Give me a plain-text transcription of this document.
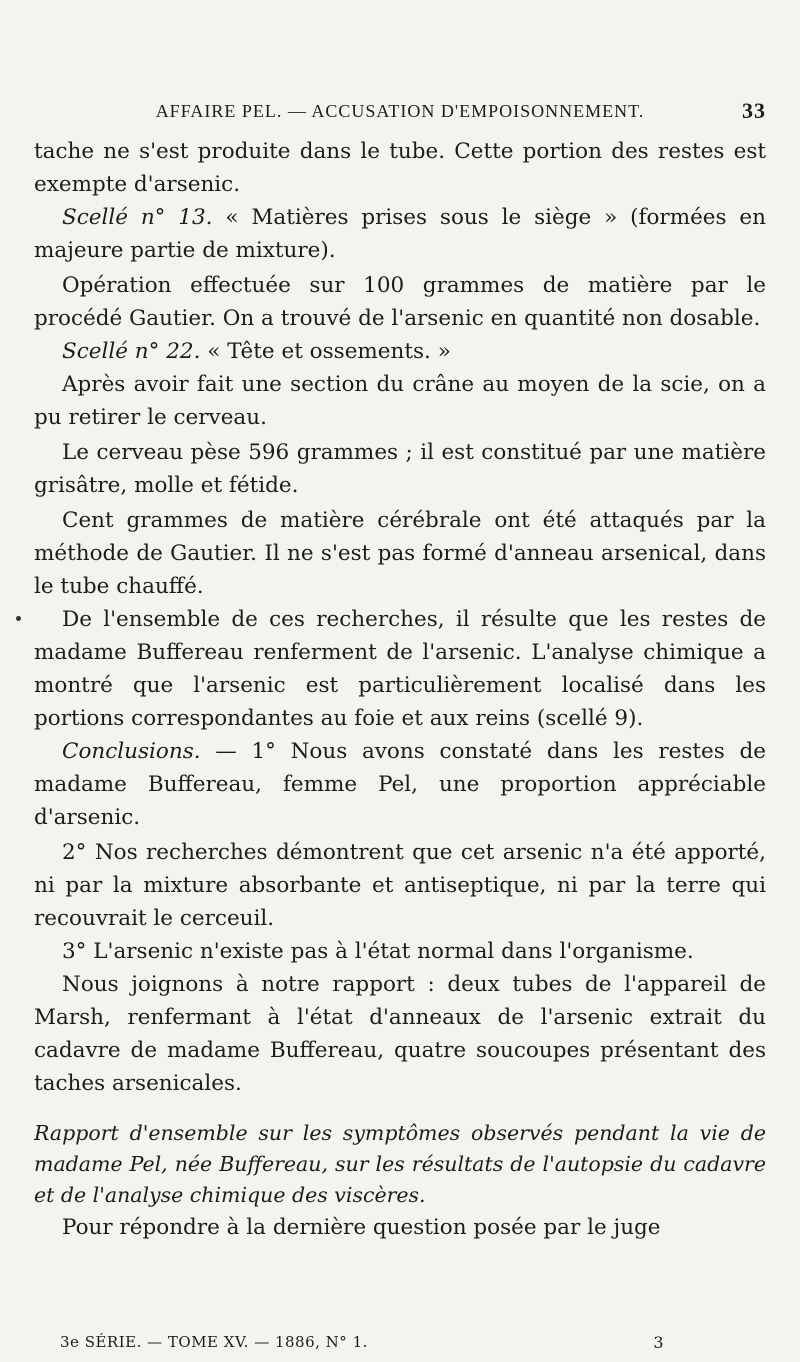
AFFAIRE PEL. — ACCUSATION D'EMPOISONNEMENT.	33

tache ne s'est produite dans le tube. Cette portion des restes est exempte d'arsenic.

Scellé n° 13. « Matières prises sous le siège » (formées en majeure partie de mixture).

Opération effectuée sur 100 grammes de matière par le procédé Gautier. On a trouvé de l'arsenic en quantité non dosable.

Scellé n° 22. « Tête et ossements. »

Après avoir fait une section du crâne au moyen de la scie, on a pu retirer le cerveau.

Le cerveau pèse 596 grammes ; il est constitué par une matière grisâtre, molle et fétide.

Cent grammes de matière cérébrale ont été attaqués par la méthode de Gautier. Il ne s'est pas formé d'anneau arsenical, dans le tube chauffé.

De l'ensemble de ces recherches, il résulte que les restes de madame Buffereau renferment de l'arsenic. L'analyse chimique a montré que l'arsenic est particulièrement localisé dans les portions correspondantes au foie et aux reins (scellé 9).

Conclusions. — 1° Nous avons constaté dans les restes de madame Buffereau, femme Pel, une proportion appréciable d'arsenic.

2° Nos recherches démontrent que cet arsenic n'a été apporté, ni par la mixture absorbante et antiseptique, ni par la terre qui recouvrait le cerceuil.

3° L'arsenic n'existe pas à l'état normal dans l'organisme.

Nous joignons à notre rapport : deux tubes de l'appareil de Marsh, renfermant à l'état d'anneaux de l'arsenic extrait du cadavre de madame Buffereau, quatre soucoupes présentant des taches arsenicales.

Rapport d'ensemble sur les symptômes observés pendant la vie de madame Pel, née Buffereau, sur les résultats de l'autopsie du cadavre et de l'analyse chimique des viscères.

Pour répondre à la dernière question posée par le juge

3e SÉRIE. — TOME XV. — 1886, N° 1.	3
